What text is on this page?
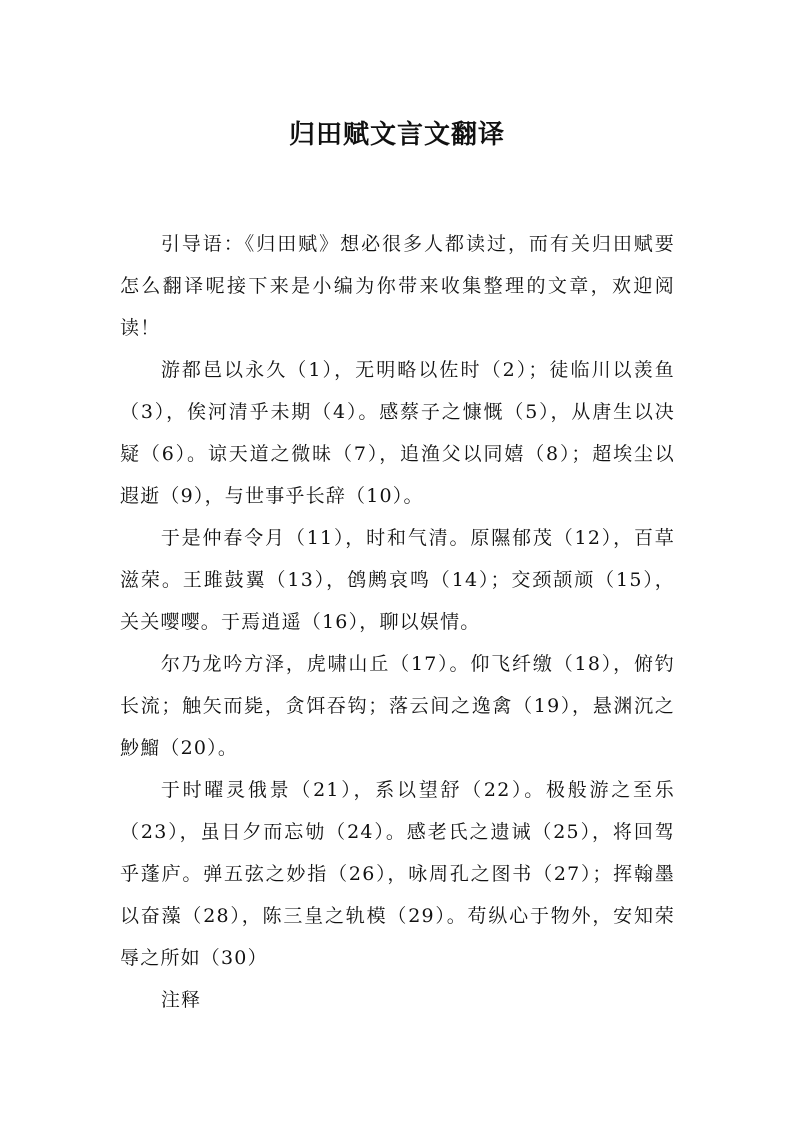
归田赋文言文翻译

引导语：《归田赋》想必很多人都读过，而有关归田赋要怎么翻译呢接下来是小编为你带来收集整理的文章，欢迎阅读！

游都邑以永久（1），无明略以佐时（2）；徒临川以羡鱼（3），俟河清乎未期（4）。感蔡子之慷慨（5），从唐生以决疑（6）。谅天道之微昧（7），追渔父以同嬉（8）；超埃尘以遐逝（9），与世事乎长辞（10）。

于是仲春令月（11），时和气清。原隰郁茂（12），百草滋荣。王雎鼓翼（13），鸧鹒哀鸣（14）；交颈颉颃（15），关关嘤嘤。于焉逍遥（16），聊以娱情。

尔乃龙吟方泽，虎啸山丘（17）。仰飞纤缴（18），俯钓长流；触矢而毙，贪饵吞钩；落云间之逸禽（19），悬渊沉之魦鰡（20）。

于时曜灵俄景（21），系以望舒（22）。极般游之至乐（23），虽日夕而忘劬（24）。感老氏之遗诫（25），将回驾乎蓬庐。弹五弦之妙指（26），咏周孔之图书（27）；挥翰墨以奋藻（28），陈三皇之轨模（29）。苟纵心于物外，安知荣辱之所如（30）

注释
